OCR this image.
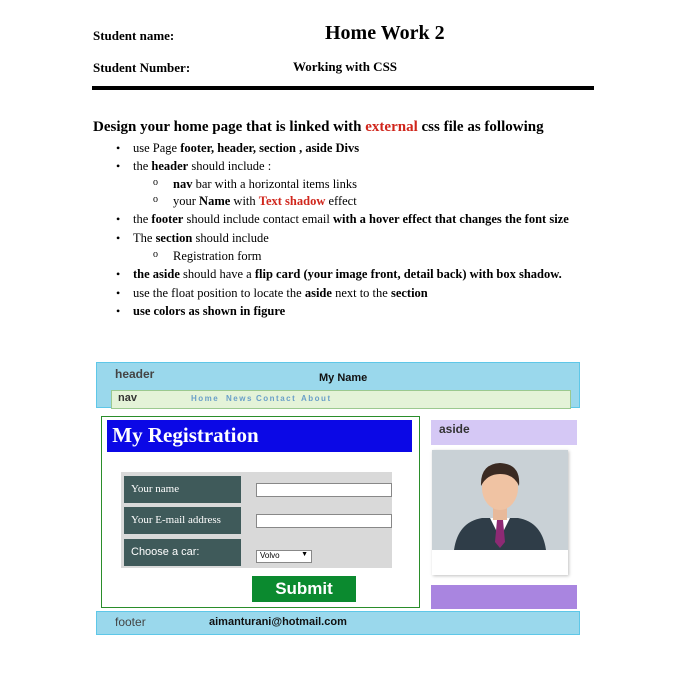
Student name:
Student Number:
Home Work 2
Working with CSS
Design your home page that is linked with external css file as following
• use Page footer, header, section , aside Divs
• the header should include :
o nav bar with a horizontal items links
o your Name with Text shadow effect
• the footer should include contact email with a hover effect that changes the font size
• The section should include
o Registration form
• the aside should have a flip card (your image front, detail back) with box shadow.
• use the float position to locate the aside next to the section
• use colors as shown in figure
header	My Name
nav	Home News Contact About
My Registration
Your name
Your E-mail address
Choose a car:	Volvo	▼
Submit
aside
footer	aimanturani@hotmail.com
